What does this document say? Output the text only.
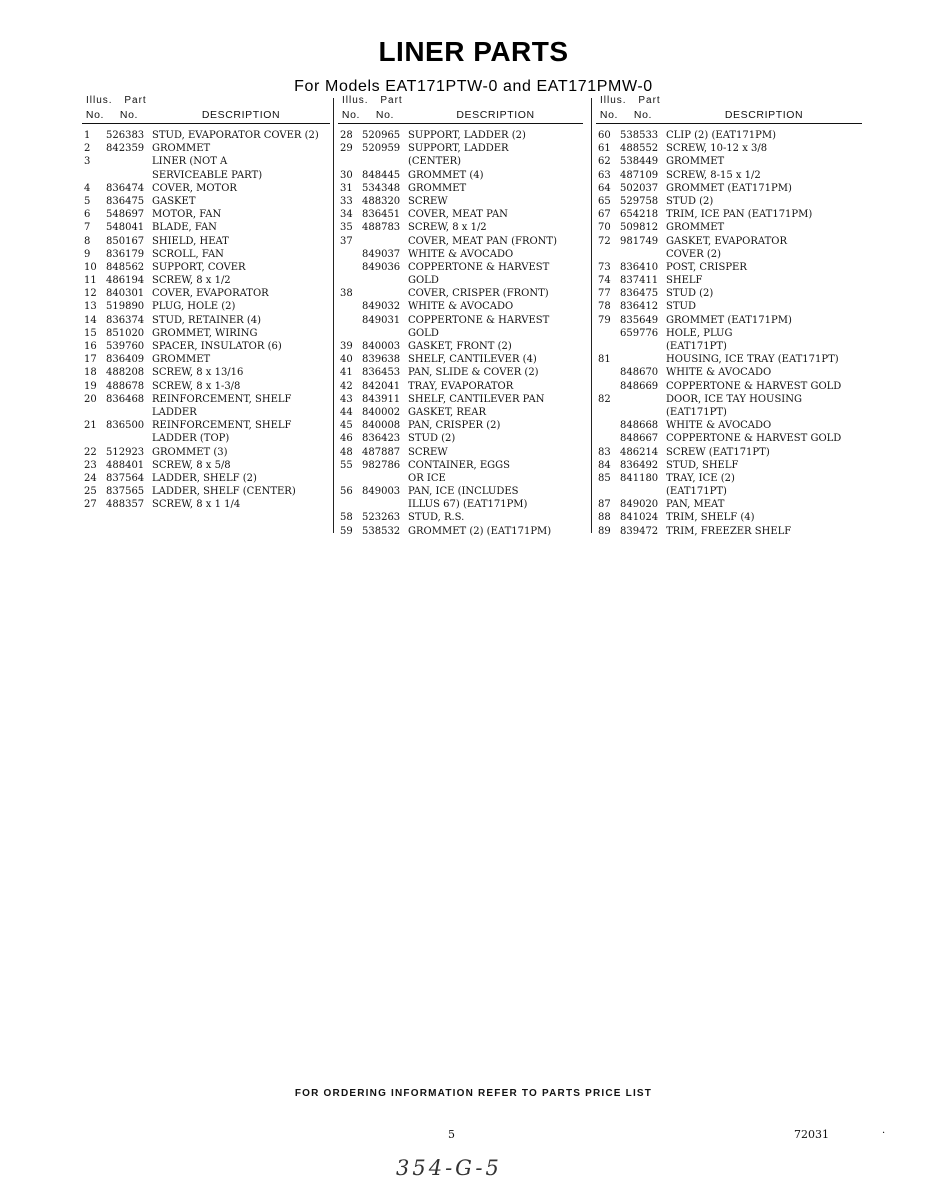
LINER PARTS
For Models EAT171PTW-0 and EAT171PMW-0
Illus. Part
No.	No.	DESCRIPTION
1	526383 STUD, EVAPORATOR COVER (2)
2	842359 GROMMET
3	LINER (NOT A
SERVICEABLE PART)
4	836474 COVER, MOTOR
5	836475 GASKET
6	548697 MOTOR, FAN
7	548041 BLADE, FAN
8	850167 SHIELD, HEAT
9	836179 SCROLL, FAN
10 848562 SUPPORT, COVER
11 486194 SCREW, 8 x 1/2
12 840301 COVER, EVAPORATOR
13 519890 PLUG, HOLE (2)
14 836374 STUD, RETAINER (4)
15 851020 GROMMET, WIRING
16 539760 SPACER, INSULATOR (6)
17 836409 GROMMET
18 488208 SCREW, 8 x 13/16
19 488678 SCREW, 8 x 1-3/8
20 836468 REINFORCEMENT, SHELF
LADDER
21 836500 REINFORCEMENT, SHELF
LADDER (TOP)
22 512923 GROMMET (3)
23 488401 SCREW, 8 x 5/8
24 837564 LADDER, SHELF (2)
25 837565 LADDER, SHELF (CENTER)
27 488357 SCREW, 8 x 1 1/4
Illus. Part
No.	No.	DESCRIPTION
28 520965 SUPPORT, LADDER (2)
29 520959 SUPPORT, LADDER
(CENTER)
30 848445 GROMMET (4)
31 534348 GROMMET
33 488320 SCREW
34 836451 COVER, MEAT PAN
35 488783 SCREW, 8 x 1/2
37	COVER, MEAT PAN (FRONT)
849037 WHITE & AVOCADO
849036 COPPERTONE & HARVEST
GOLD
38	COVER, CRISPER (FRONT)
849032 WHITE & AVOCADO
849031 COPPERTONE & HARVEST
GOLD
39 840003 GASKET, FRONT (2)
40 839638 SHELF, CANTILEVER (4)
41 836453 PAN, SLIDE & COVER (2)
42 842041 TRAY, EVAPORATOR
43 843911 SHELF, CANTILEVER PAN
44 840002 GASKET, REAR
45 840008 PAN, CRISPER (2)
46 836423 STUD (2)
48 487887 SCREW
55 982786 CONTAINER, EGGS
OR ICE
56 849003 PAN, ICE (INCLUDES
ILLUS 67) (EAT171PM)
58 523263 STUD, R.S.
59 538532 GROMMET (2) (EAT171PM)
Illus. Part
No.	No.	DESCRIPTION
60 538533 CLIP (2) (EAT171PM)
61 488552 SCREW, 10-12 x 3/8
62 538449 GROMMET
63 487109 SCREW, 8-15 x 1/2
64 502037 GROMMET (EAT171PM)
65 529758 STUD (2)
67 654218 TRIM, ICE PAN (EAT171PM)
70 509812 GROMMET
72 981749 GASKET, EVAPORATOR
COVER (2)
73 836410 POST, CRISPER
74 837411 SHELF
77 836475 STUD (2)
78 836412 STUD
79 835649 GROMMET (EAT171PM)
659776 HOLE, PLUG
(EAT171PT)
81	HOUSING, ICE TRAY (EAT171PT)
848670 WHITE & AVOCADO
848669 COPPERTONE & HARVEST GOLD
82	DOOR, ICE TAY HOUSING
(EAT171PT)
848668 WHITE & AVOCADO
848667 COPPERTONE & HARVEST GOLD
83 486214 SCREW (EAT171PT)
84 836492 STUD, SHELF
85 841180 TRAY, ICE (2)
(EAT171PT)
87 849020 PAN, MEAT
88 841024 TRIM, SHELF (4)
89 839472 TRIM, FREEZER SHELF
FOR ORDERING INFORMATION REFER TO PARTS PRICE LIST
5	72031	·
354-G-5
